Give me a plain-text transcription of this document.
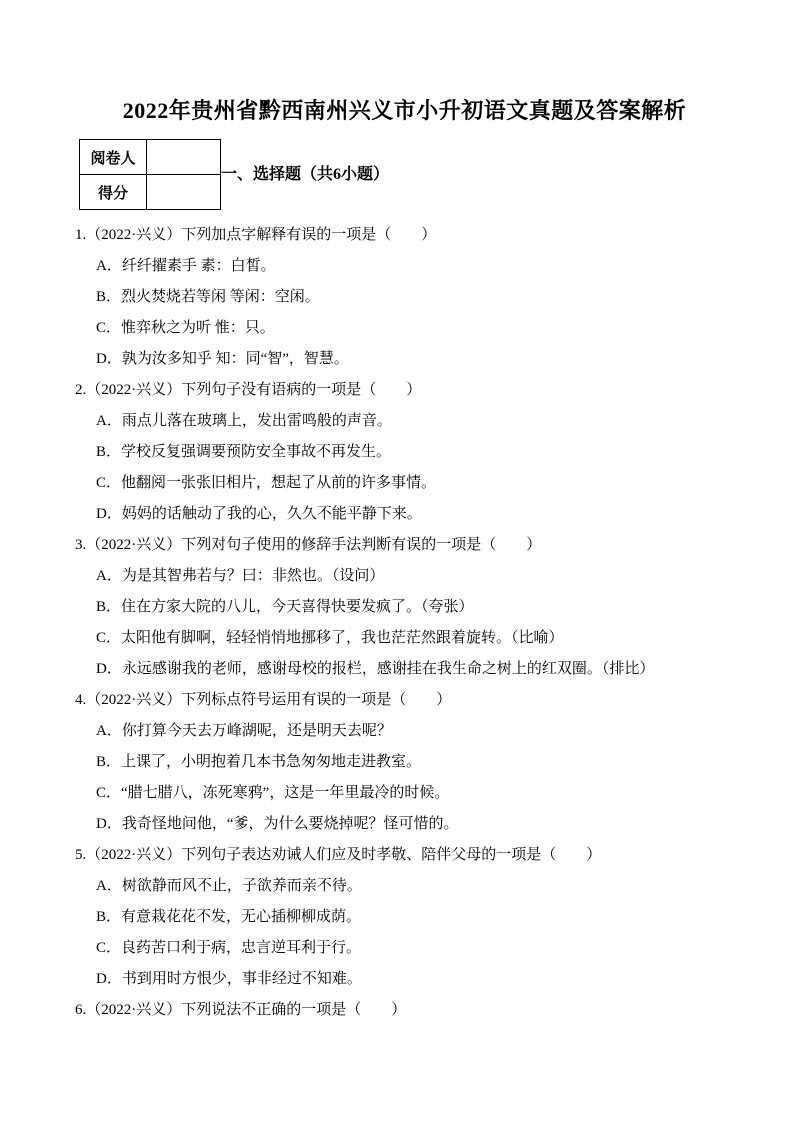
2022年贵州省黔西南州兴义市小升初语文真题及答案解析
阅卷人	
得分	
一、选择题（共6小题）
1.（2022·兴义）下列加点字解释有误的一项是（　　）
A．纤纤擢素手 素：白皙。
B．烈火焚烧若等闲 等闲：空闲。
C．惟弈秋之为听 惟：只。
D．孰为汝多知乎 知：同“智”，智慧。
2.（2022·兴义）下列句子没有语病的一项是（　　）
A．雨点儿落在玻璃上，发出雷鸣般的声音。
B．学校反复强调要预防安全事故不再发生。
C．他翻阅一张张旧相片，想起了从前的许多事情。
D．妈妈的话触动了我的心，久久不能平静下来。
3.（2022·兴义）下列对句子使用的修辞手法判断有误的一项是（　　）
A．为是其智弗若与？曰：非然也。（设问）
B．住在方家大院的八儿，今天喜得快要发疯了。（夸张）
C．太阳他有脚啊，轻轻悄悄地挪移了，我也茫茫然跟着旋转。（比喻）
D．永远感谢我的老师，感谢母校的报栏，感谢挂在我生命之树上的红双圈。（排比）
4.（2022·兴义）下列标点符号运用有误的一项是（　　）
A．你打算今天去万峰湖呢，还是明天去呢？
B．上课了，小明抱着几本书急匆匆地走进教室。
C．“腊七腊八，冻死寒鸦”，这是一年里最冷的时候。
D．我奇怪地问他，“爹，为什么要烧掉呢？怪可惜的。
5.（2022·兴义）下列句子表达劝诫人们应及时孝敬、陪伴父母的一项是（　　）
A．树欲静而风不止，子欲养而亲不待。
B．有意栽花花不发，无心插柳柳成荫。
C．良药苦口利于病，忠言逆耳利于行。
D．书到用时方恨少，事非经过不知难。
6.（2022·兴义）下列说法不正确的一项是（　　）
